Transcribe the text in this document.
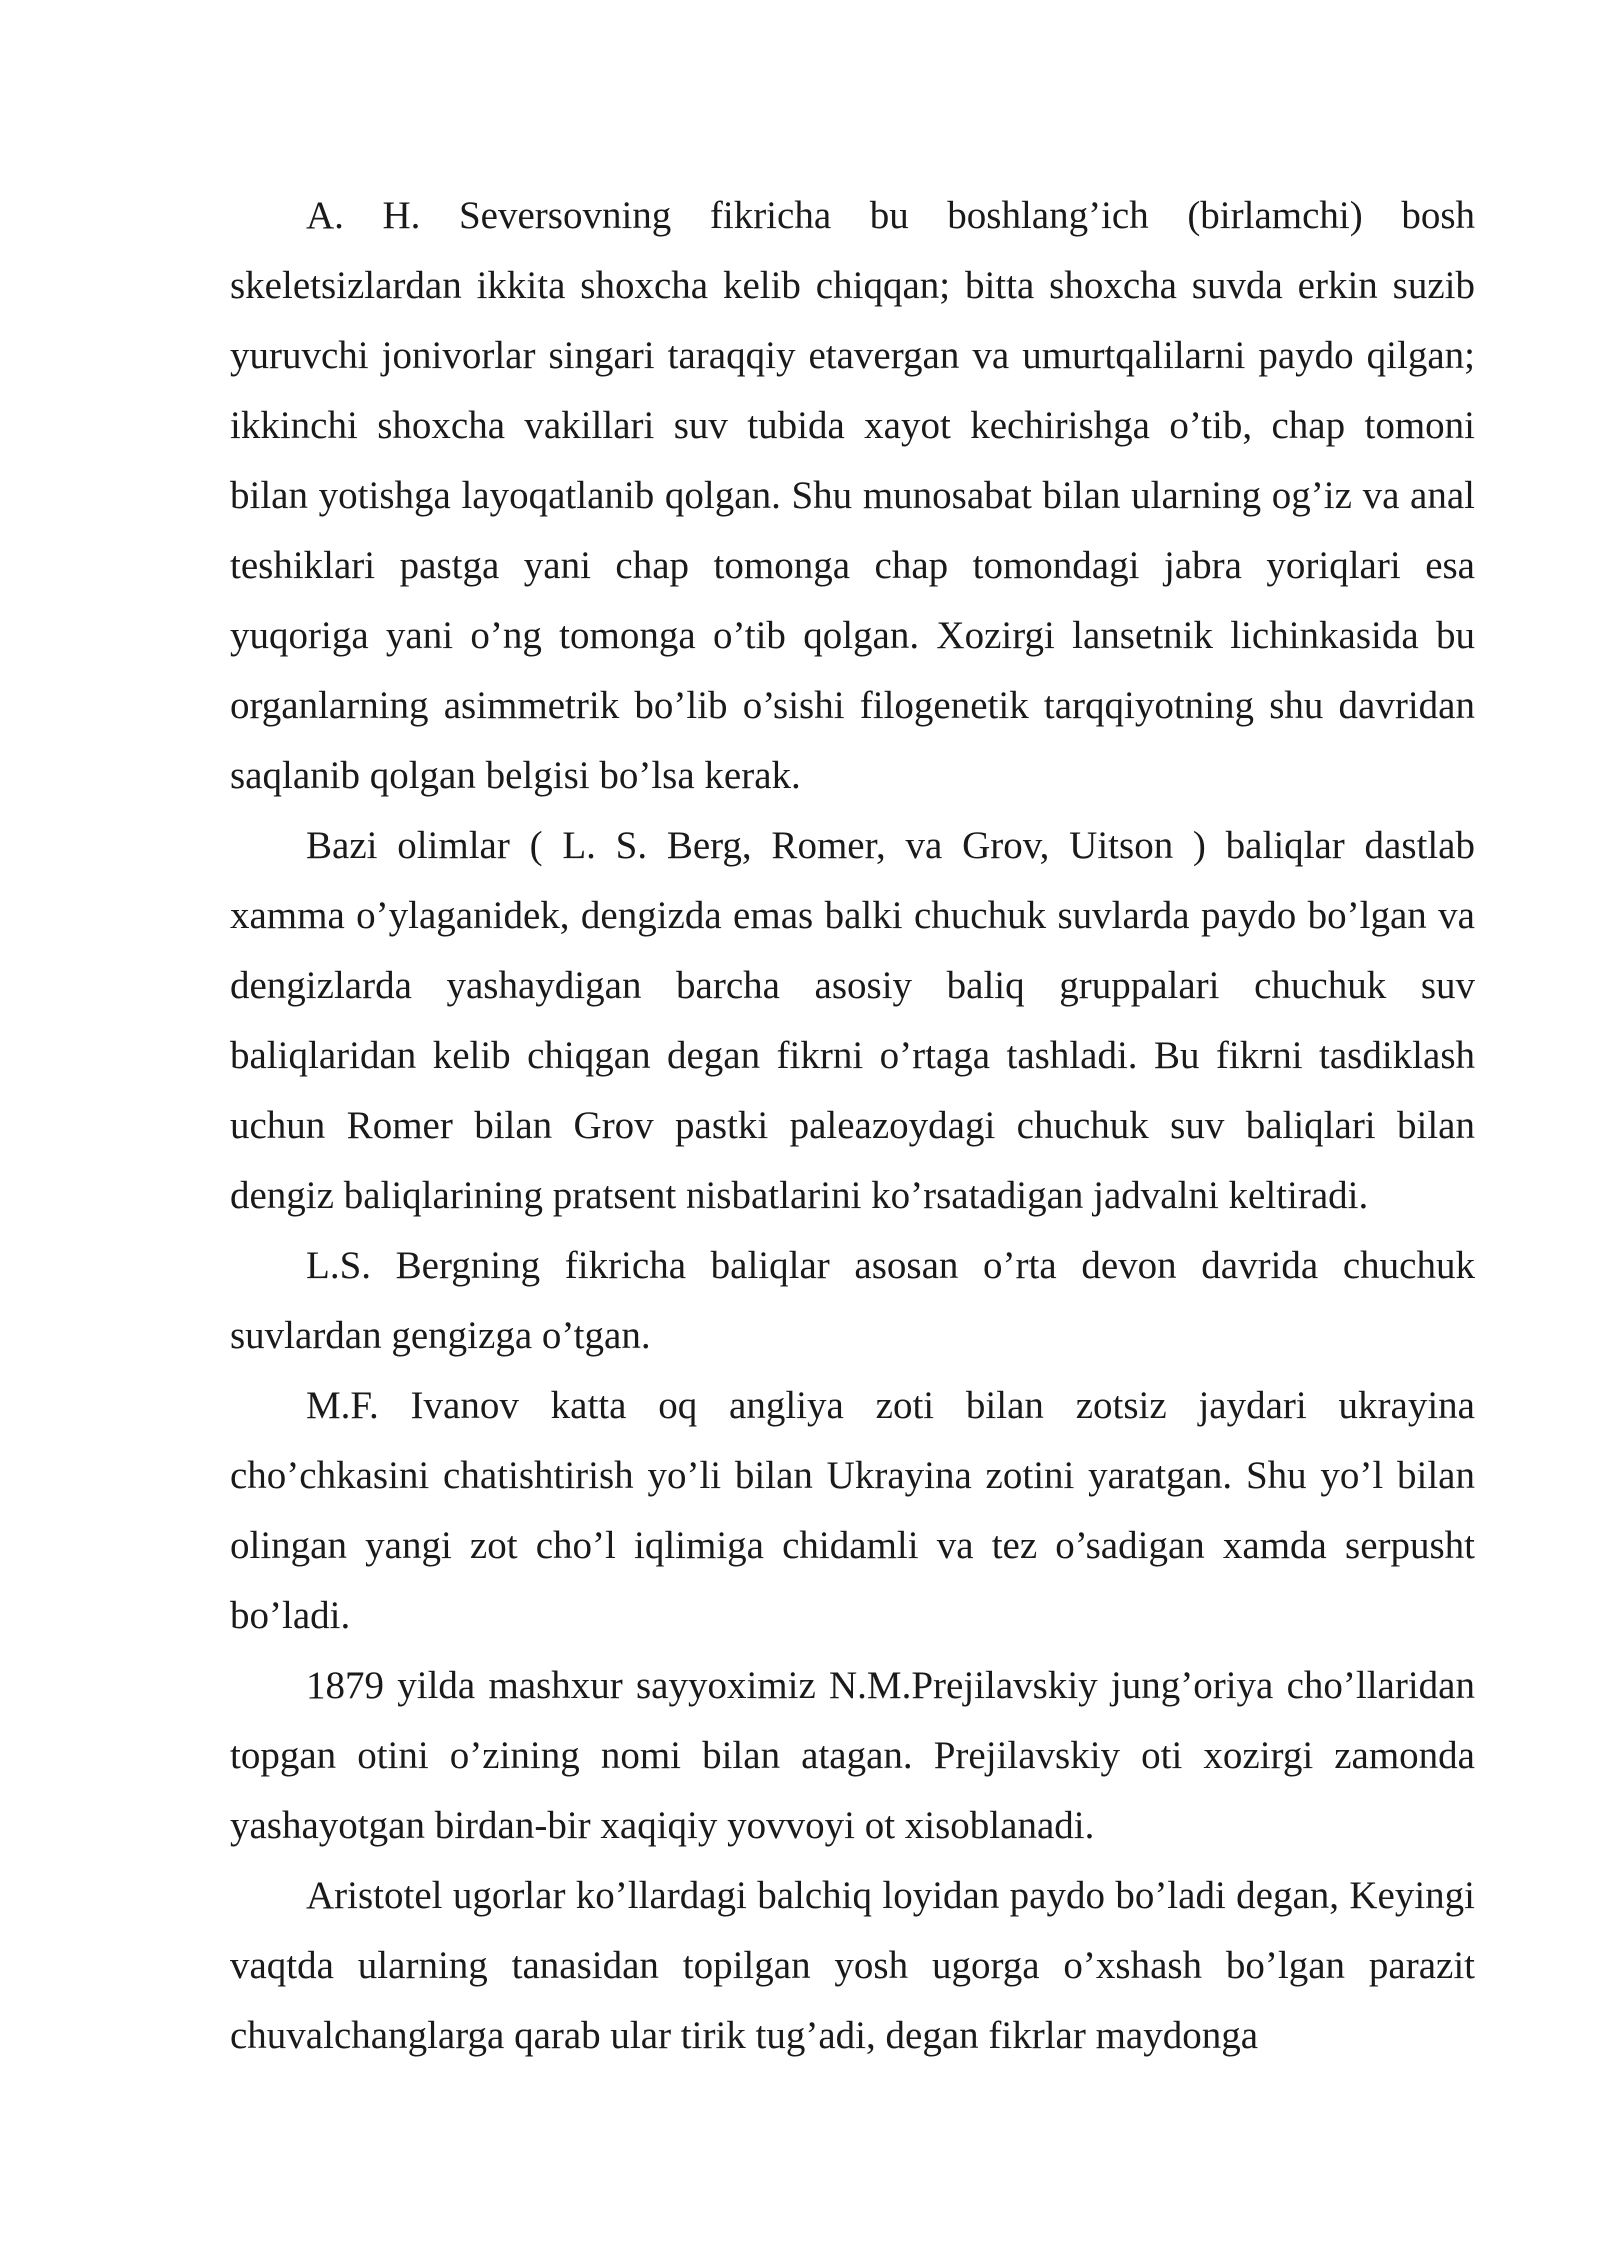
A. H. Seversovning fikricha bu boshlang’ich (birlamchi) bosh skeletsizlardan ikkita shoxcha kelib chiqqan; bitta shoxcha suvda erkin suzib yuruvchi jonivorlar singari taraqqiy etavergan va umurtqalilarni paydo qilgan; ikkinchi shoxcha vakillari suv tubida xayot kechirishga o’tib, chap tomoni bilan yotishga layoqatlanib qolgan. Shu munosabat bilan ularning og’iz va anal teshiklari pastga yani chap tomonga chap tomondagi jabra yoriqlari esa yuqoriga yani o’ng tomonga o’tib qolgan. Xozirgi lansetnik lichinkasida bu organlarning asimmetrik bo’lib o’sishi filogenetik tarqqiyotning shu davridan saqlanib qolgan belgisi bo’lsa kerak.

Bazi olimlar ( L. S. Berg, Romer, va Grov, Uitson ) baliqlar dastlab xamma o’ylaganidek, dengizda emas balki chuchuk suvlarda paydo bo’lgan va dengizlarda yashaydigan barcha asosiy baliq gruppalari chuchuk suv baliqlaridan kelib chiqgan degan fikrni o’rtaga tashladi. Bu fikrni tasdiklash uchun Romer bilan Grov pastki paleazoydagi chuchuk suv baliqlari bilan dengiz baliqlarining pratsent nisbatlarini ko’rsatadigan jadvalni keltiradi.

L.S. Bergning fikricha baliqlar asosan o’rta devon davrida chuchuk suvlardan gengizga o’tgan.

M.F. Ivanov katta oq angliya zoti bilan zotsiz jaydari ukrayina cho’chkasini chatishtirish yo’li bilan Ukrayina zotini yaratgan. Shu yo’l bilan olingan yangi zot cho’l iqlimiga chidamli va tez o’sadigan xamda serpusht bo’ladi.

1879 yilda mashxur sayyoximiz N.M.Prejilavskiy jung’oriya cho’llaridan topgan otini o’zining nomi bilan atagan. Prejilavskiy oti xozirgi zamonda yashayotgan birdan-bir xaqiqiy yovvoyi ot xisoblanadi.

Aristotel ugorlar ko’llardagi balchiq loyidan paydo bo’ladi degan, Keyingi vaqtda ularning tanasidan topilgan yosh ugorga o’xshash bo’lgan parazit chuvalchanglarga qarab ular tirik tug’adi, degan fikrlar maydonga
